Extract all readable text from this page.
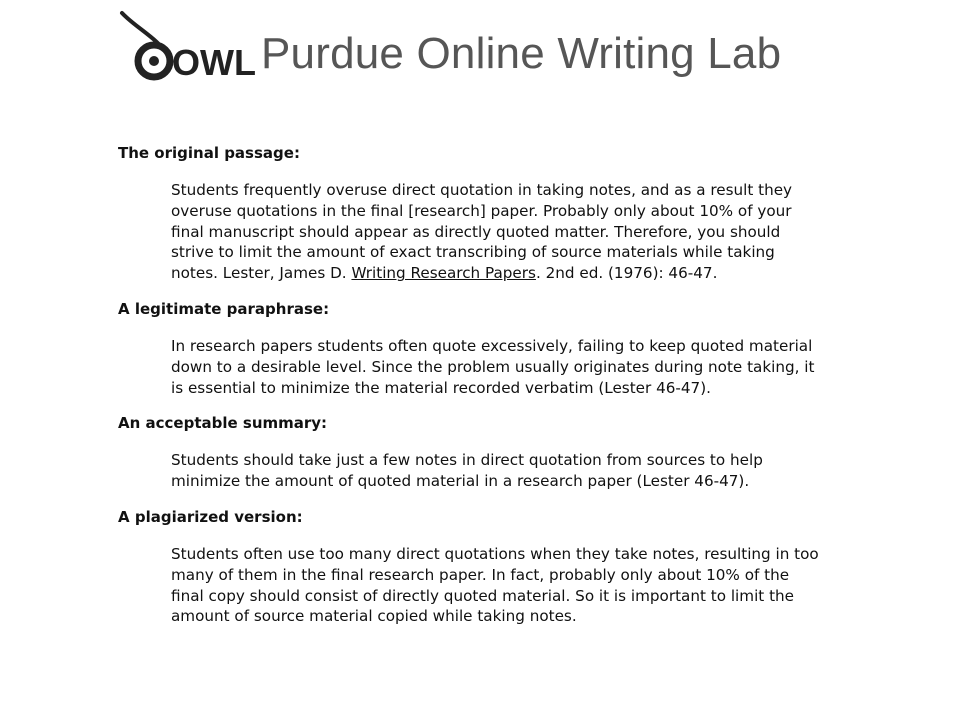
OWL Purdue Online Writing Lab

The original passage:

Students frequently overuse direct quotation in taking notes, and as a result they overuse quotations in the final [research] paper. Probably only about 10% of your final manuscript should appear as directly quoted matter. Therefore, you should strive to limit the amount of exact transcribing of source materials while taking notes. Lester, James D. Writing Research Papers. 2nd ed. (1976): 46-47.

A legitimate paraphrase:

In research papers students often quote excessively, failing to keep quoted material down to a desirable level. Since the problem usually originates during note taking, it is essential to minimize the material recorded verbatim (Lester 46-47).

An acceptable summary:

Students should take just a few notes in direct quotation from sources to help minimize the amount of quoted material in a research paper (Lester 46-47).

A plagiarized version:

Students often use too many direct quotations when they take notes, resulting in too many of them in the final research paper. In fact, probably only about 10% of the final copy should consist of directly quoted material. So it is important to limit the amount of source material copied while taking notes.
